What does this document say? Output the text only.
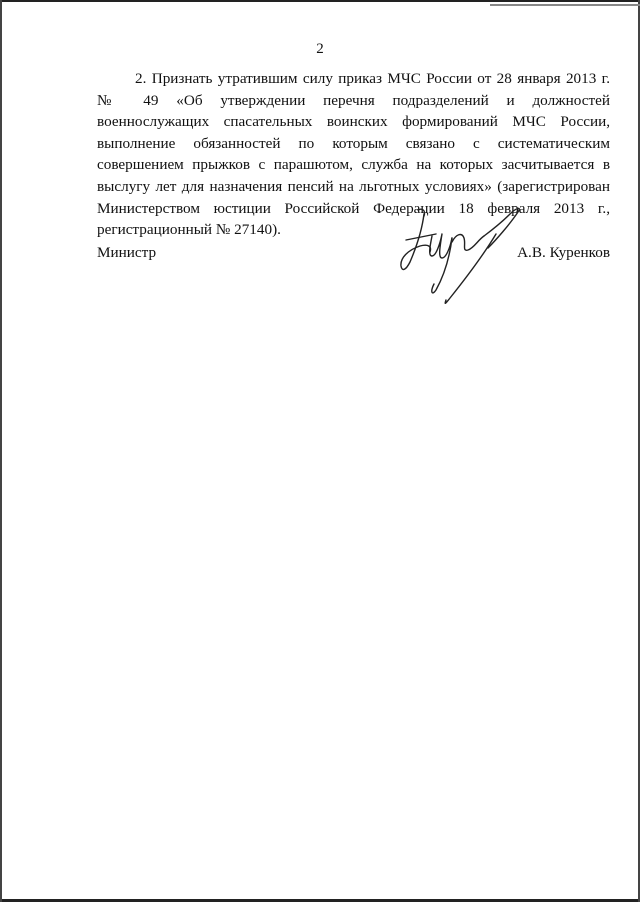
2

2. Признать утратившим силу приказ МЧС России от 28 января 2013 г. № 49 «Об утверждении перечня подразделений и должностей военнослужащих спасательных воинских формирований МЧС России, выполнение обязанностей по которым связано с систематическим совершением прыжков с парашютом, служба на которых засчитывается в выслугу лет для назначения пенсий на льготных условиях» (зарегистрирован Министерством юстиции Российской Федерации 18 февраля 2013 г., регистрационный № 27140).

Министр	А.В. Куренков
